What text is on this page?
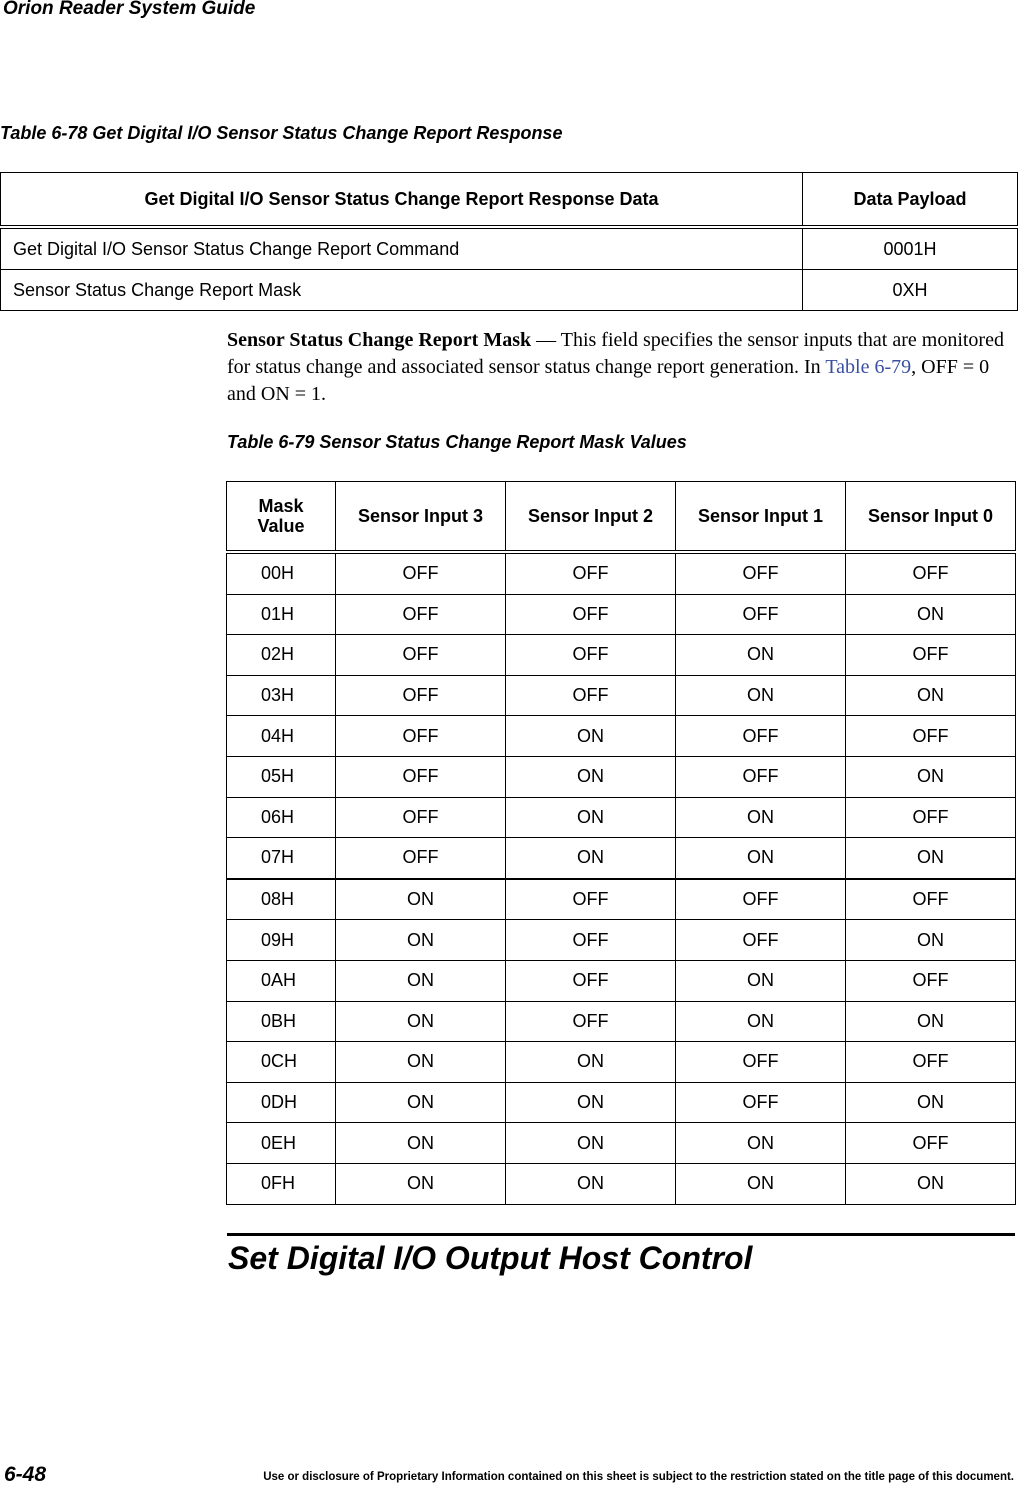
Orion Reader System Guide
Table 6-78 Get Digital I/O Sensor Status Change Report Response
Get Digital I/O Sensor Status Change Report Response Data	Data Payload
Get Digital I/O Sensor Status Change Report Command	0001H
Sensor Status Change Report Mask	0XH
Sensor Status Change Report Mask — This field specifies the sensor inputs that are monitored for status change and associated sensor status change report generation. In Table 6-79, OFF = 0 and ON = 1.
Table 6-79 Sensor Status Change Report Mask Values
Mask
Value	Sensor Input 3	Sensor Input 2	Sensor Input 1	Sensor Input 0
00H	OFF	OFF	OFF	OFF
01H	OFF	OFF	OFF	ON
02H	OFF	OFF	ON	OFF
03H	OFF	OFF	ON	ON
04H	OFF	ON	OFF	OFF
05H	OFF	ON	OFF	ON
06H	OFF	ON	ON	OFF
07H	OFF	ON	ON	ON
08H	ON	OFF	OFF	OFF
09H	ON	OFF	OFF	ON
0AH	ON	OFF	ON	OFF
0BH	ON	OFF	ON	ON
0CH	ON	ON	OFF	OFF
0DH	ON	ON	OFF	ON
0EH	ON	ON	ON	OFF
0FH	ON	ON	ON	ON
Set Digital I/O Output Host Control
6-48	Use or disclosure of Proprietary Information contained on this sheet is subject to the restriction stated on the title page of this document.
